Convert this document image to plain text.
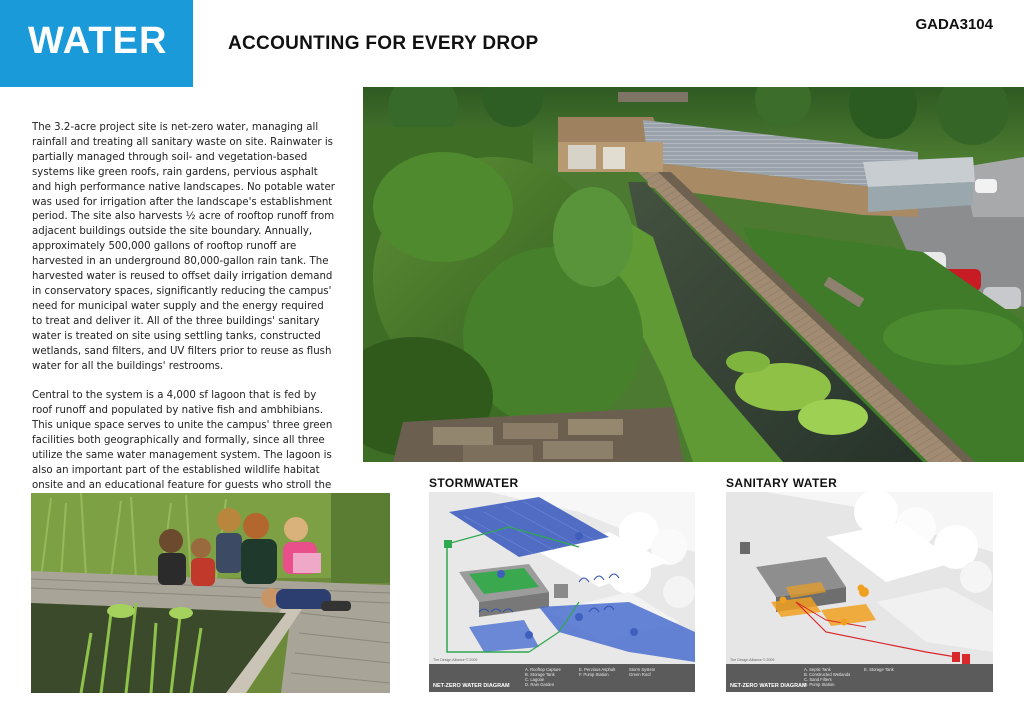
WATER	ACCOUNTING FOR EVERY DROP
GADA3104

The 3.2-acre project site is net-zero water, managing all rainfall and treating all sanitary waste on site. Rainwater is partially managed through soil- and vegetation-based systems like green roofs, rain gardens, pervious asphalt and high performance native landscapes. No potable water was used for irrigation after the landscape's establishment period. The site also harvests ½ acre of rooftop runoff from adjacent buildings outside the site boundary. Annually, approximately 500,000 gallons of rooftop runoff are harvested in an underground 80,000-gallon rain tank. The harvested water is reused to offset daily irrigation demand in conservatory spaces, significantly reducing the campus' need for municipal water supply and the energy required to treat and deliver it. All of the three buildings' sanitary water is treated on site using settling tanks, constructed wetlands, sand filters, and UV filters prior to reuse as flush water for all the buildings' restrooms.

Central to the system is a 4,000 sf lagoon that is fed by roof runoff and populated by native fish and ambhibians. This unique space serves to unite the campus' three green facilities both geographically and formally, since all three utilize the same water management system. The lagoon is also an important part of the established wildlife habitat onsite and an educational feature for guests who stroll the	STORMWATER
The Design Alliance © 2009
NET-ZERO WATER DIAGRAM
A. Rooftop Capture
B. Storage Tank
C. Lagoon
D. Rain Garden
E. Pervious Asphalt
F. Pump Station
Storm System
Green Roof
SANITARY WATER
The Design Alliance © 2009
NET-ZERO WATER DIAGRAM
A. Septic Tank
B. Constructed Wetlands
C. Sand Filters
D. Pump Station
E. Storage Tank
